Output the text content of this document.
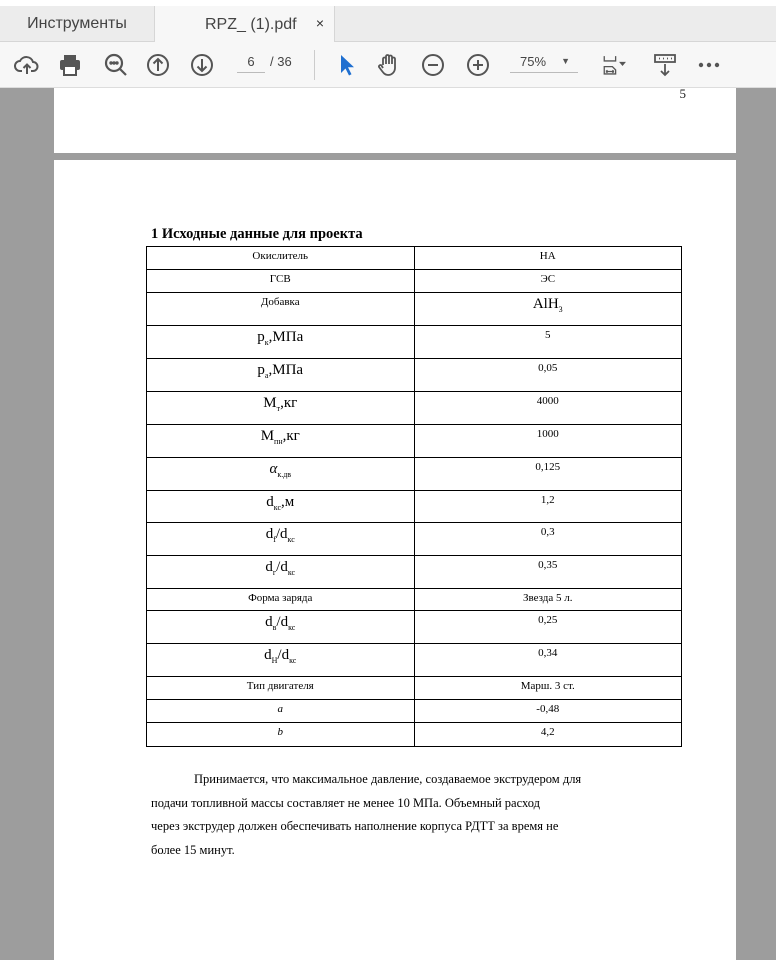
Инструменты	RPZ_ (1).pdf ×
6	/ 36	75% ▼
5
1 Исходные данные для проекта
Окислитель	НА
ГСВ	ЭС
Добавка	AlH$_3$
$p_к,МПа$	5
$p_а,МПа$	0,05
$M_т,кг$	4000
$M_{пн},кг$	1000
$\alpha_{к.дв}$	0,125
$d_{кс},м$	1,2
$d_f/d_{кс}$	0,3
$d_г/d_{кс}$	0,35
Форма заряда	Звезда 5 л.
$d_в/d_{кс}$	0,25
$d_Н/d_{кс}$	0,34
Тип двигателя	Марш. 3 ст.
a	-0,48
b	4,2
Принимается, что максимальное давление, создаваемое экструдером для
подачи топливной массы составляет не менее 10 МПа. Объемный расход
через экструдер должен обеспечивать наполнение корпуса РДТТ за время не
более 15 минут.
